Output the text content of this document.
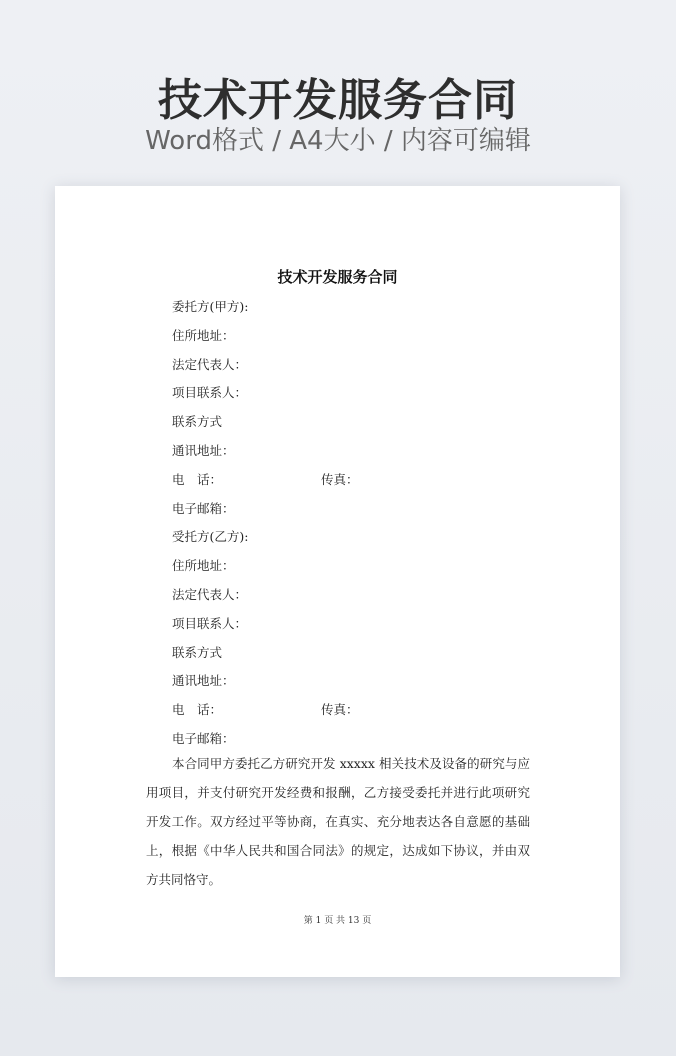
技术开发服务合同
Word格式 / A4大小 / 内容可编辑
技术开发服务合同
委托方(甲方):
住所地址：
法定代表人：
项目联系人：
联系方式
通讯地址：
电　话：	传真：
电子邮箱：
受托方(乙方):
住所地址：
法定代表人：
项目联系人：
联系方式
通讯地址：
电　话：	传真：
电子邮箱：

本合同甲方委托乙方研究开发 xxxxx 相关技术及设备的研究与应用项目，并支付研究开发经费和报酬，乙方接受委托并进行此项研究开发工作。双方经过平等协商，在真实、充分地表达各自意愿的基础上，根据《中华人民共和国合同法》的规定，达成如下协议，并由双方共同恪守。

第 1 页 共 13 页
